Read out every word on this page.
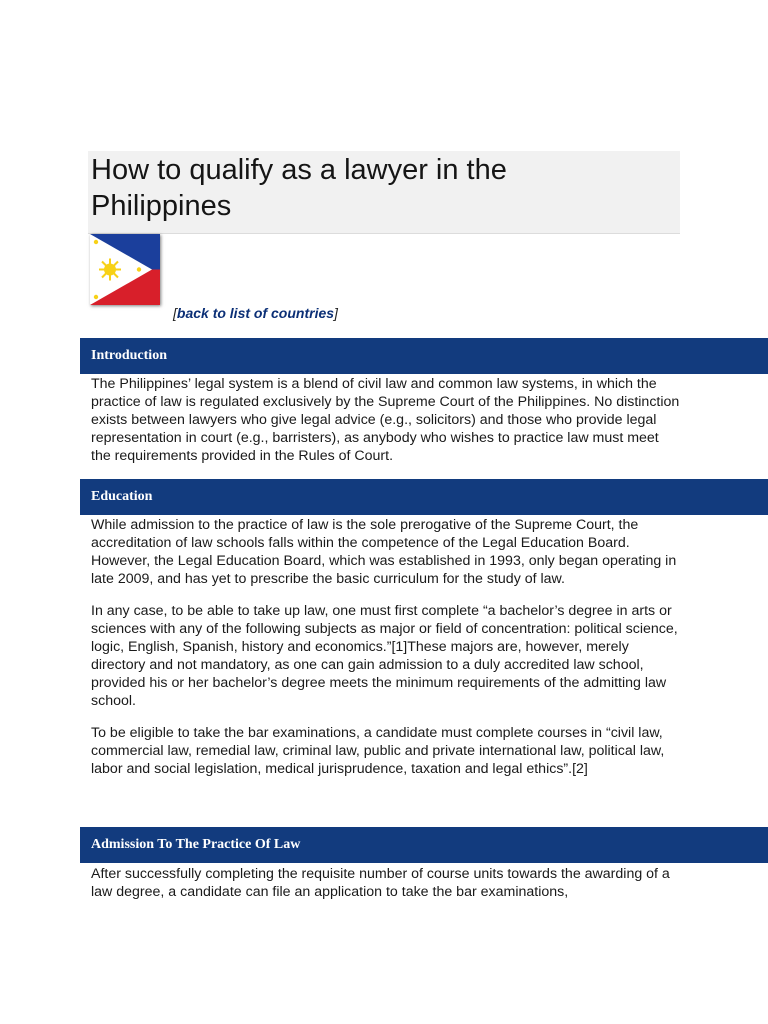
How to qualify as a lawyer in the Philippines
[back to list of countries]
Introduction

The Philippines’ legal system is a blend of civil law and common law systems, in which the practice of law is regulated exclusively by the Supreme Court of the Philippines. No distinction exists between lawyers who give legal advice (e.g., solicitors) and those who provide legal representation in court (e.g., barristers), as anybody who wishes to practice law must meet the requirements provided in the Rules of Court.

Education

While admission to the practice of law is the sole prerogative of the Supreme Court, the accreditation of law schools falls within the competence of the Legal Education Board. However, the Legal Education Board, which was established in 1993, only began operating in late 2009, and has yet to prescribe the basic curriculum for the study of law.

In any case, to be able to take up law, one must first complete “a bachelor’s degree in arts or sciences with any of the following subjects as major or field of concentration: political science, logic, English, Spanish, history and economics.”[1]These majors are, however, merely directory and not mandatory, as one can gain admission to a duly accredited law school, provided his or her bachelor’s degree meets the minimum requirements of the admitting law school.

To be eligible to take the bar examinations, a candidate must complete courses in “civil law, commercial law, remedial law, criminal law, public and private international law, political law, labor and social legislation, medical jurisprudence, taxation and legal ethics”.[2]

Admission To The Practice Of Law

After successfully completing the requisite number of course units towards the awarding of a law degree, a candidate can file an application to take the bar examinations,
